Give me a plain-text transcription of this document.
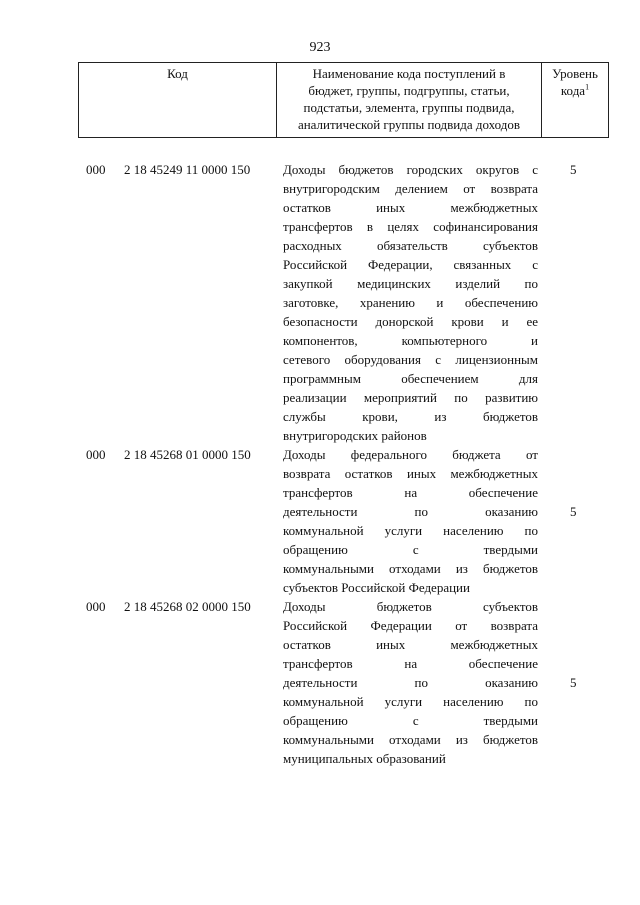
923
Код	Наименование кода поступлений в
бюджет, группы, подгруппы, статьи,
подстатьи, элемента, группы подвида,
аналитической группы подвида доходов
Уровень
кода$^1$
000 2 18 45249 11 0000 150	Доходы бюджетов городских округов с
внутригородским делением от возврата
остатков иных межбюджетных
трансфертов в целях софинансирования
расходных обязательств субъектов
Российской Федерации, связанных с
закупкой медицинских изделий по
заготовке, хранению и обеспечению
безопасности донорской крови и ее
компонентов, компьютерного и
сетевого оборудования с лицензионным
программным обеспечением для
реализации мероприятий по развитию
службы крови, из бюджетов
внутригородских районов
5
000 2 18 45268 01 0000 150 Доходы федерального бюджета от
возврата остатков иных межбюджетных
трансфертов на обеспечение
деятельности по оказанию
коммунальной услуги населению по
обращению с твердыми
коммунальными отходами из бюджетов
субъектов Российской Федерации
5
000 2 18 45268 02 0000 150 Доходы бюджетов субъектов
Российской Федерации от возврата
остатков иных межбюджетных
трансфертов на обеспечение
деятельности по оказанию
коммунальной услуги населению по
обращению с твердыми
коммунальными отходами из бюджетов
муниципальных образований
5
